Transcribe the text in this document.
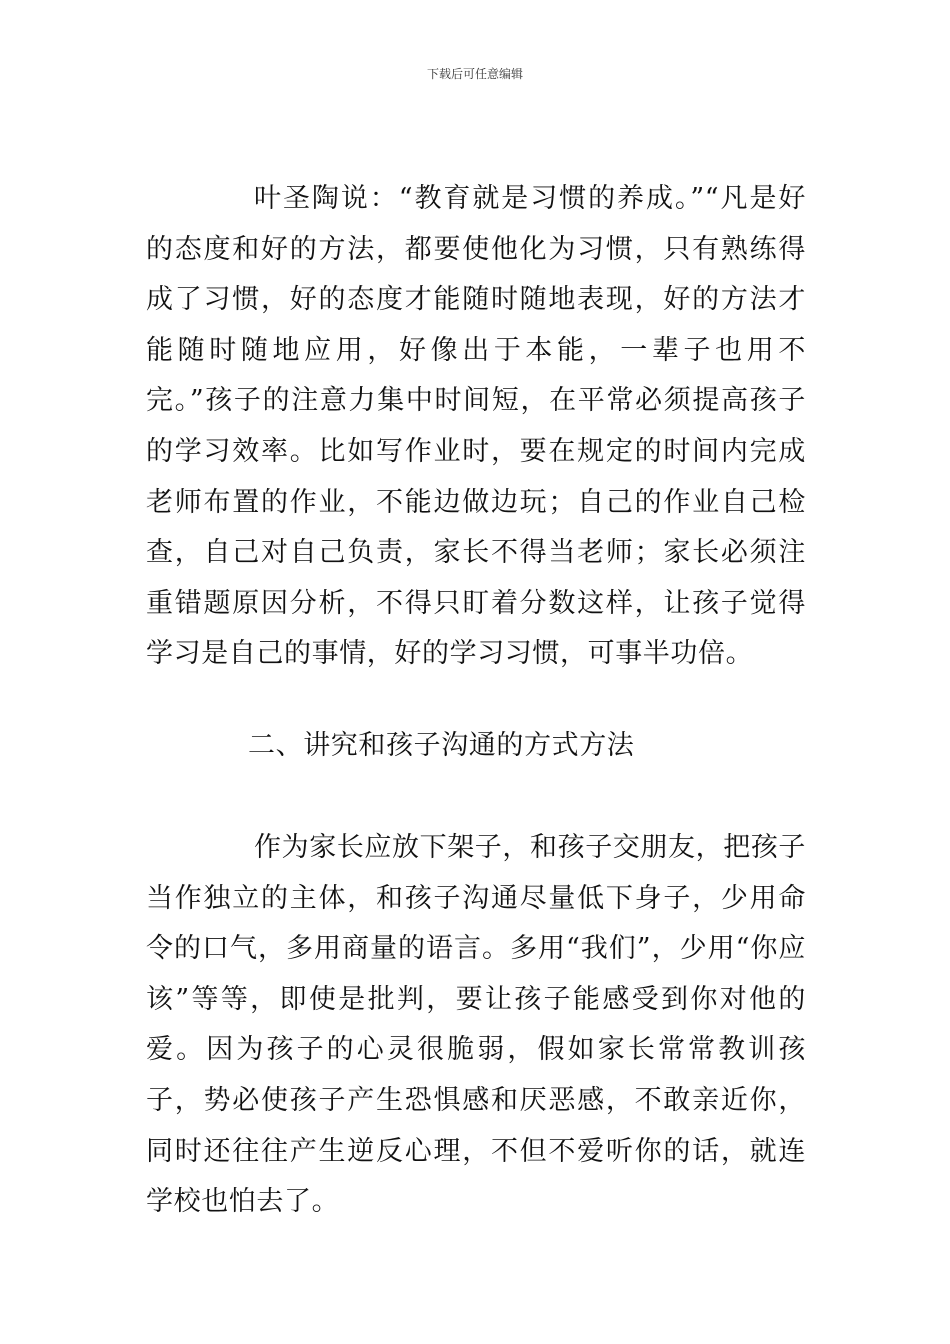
下载后可任意编辑

叶圣陶说：“教育就是习惯的养成。”“凡是好的态度和好的方法，都要使他化为习惯，只有熟练得成了习惯，好的态度才能随时随地表现，好的方法才能随时随地应用，好像出于本能，一辈子也用不完。”孩子的注意力集中时间短，在平常必须提高孩子的学习效率。比如写作业时，要在规定的时间内完成老师布置的作业，不能边做边玩；自己的作业自己检查，自己对自己负责，家长不得当老师；家长必须注重错题原因分析，不得只盯着分数这样，让孩子觉得学习是自己的事情，好的学习习惯，可事半功倍。

二、讲究和孩子沟通的方式方法

作为家长应放下架子，和孩子交朋友，把孩子当作独立的主体，和孩子沟通尽量低下身子，少用命令的口气，多用商量的语言。多用“我们”，少用“你应该”等等，即使是批判，要让孩子能感受到你对他的爱。因为孩子的心灵很脆弱，假如家长常常教训孩子，势必使孩子产生恐惧感和厌恶感，不敢亲近你，同时还往往产生逆反心理，不但不爱听你的话，就连学校也怕去了。
